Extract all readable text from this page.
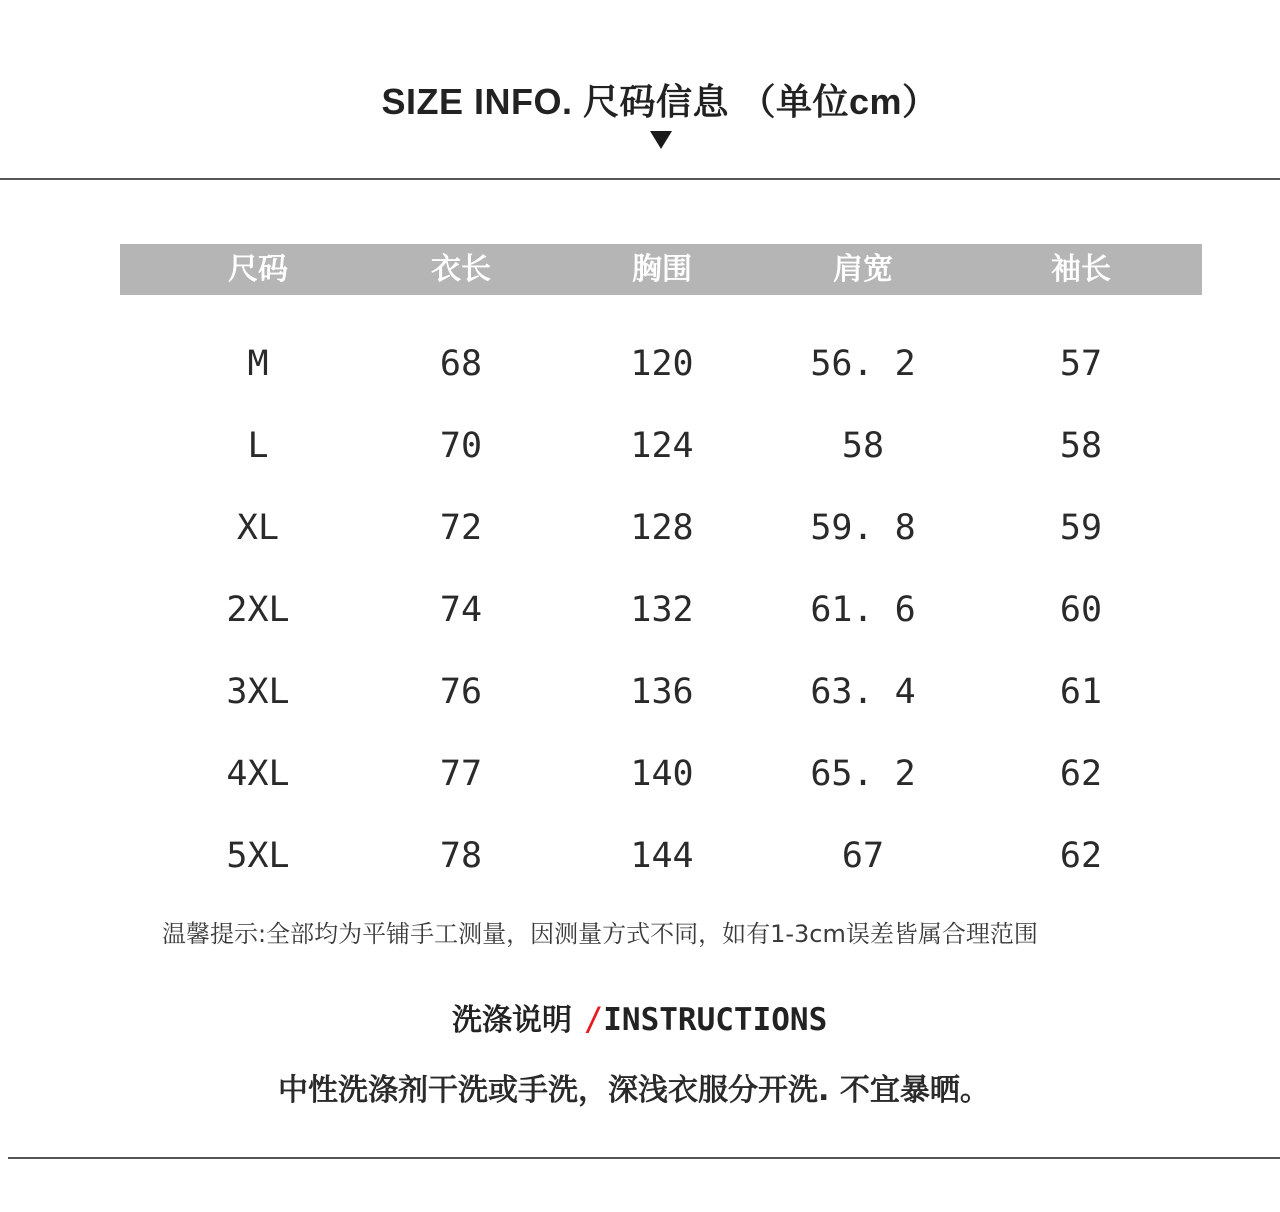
SIZE INFO. 尺码信息 （单位cm）
尺码	衣长	胸围	肩宽	袖长
M	68	120	56. 2	57
L	70	124	58	58
XL	72	128	59. 8	59
2XL	74	132	61. 6	60
3XL	76	136	63. 4	61
4XL	77	140	65. 2	62
5XL	78	144	67	62
温馨提示:全部均为平铺手工测量，因测量方式不同，如有1-3cm误差皆属合理范围
洗涤说明 /INSTRUCTIONS
中性洗涤剂干洗或手洗，深浅衣服分开洗. 不宜暴晒。
